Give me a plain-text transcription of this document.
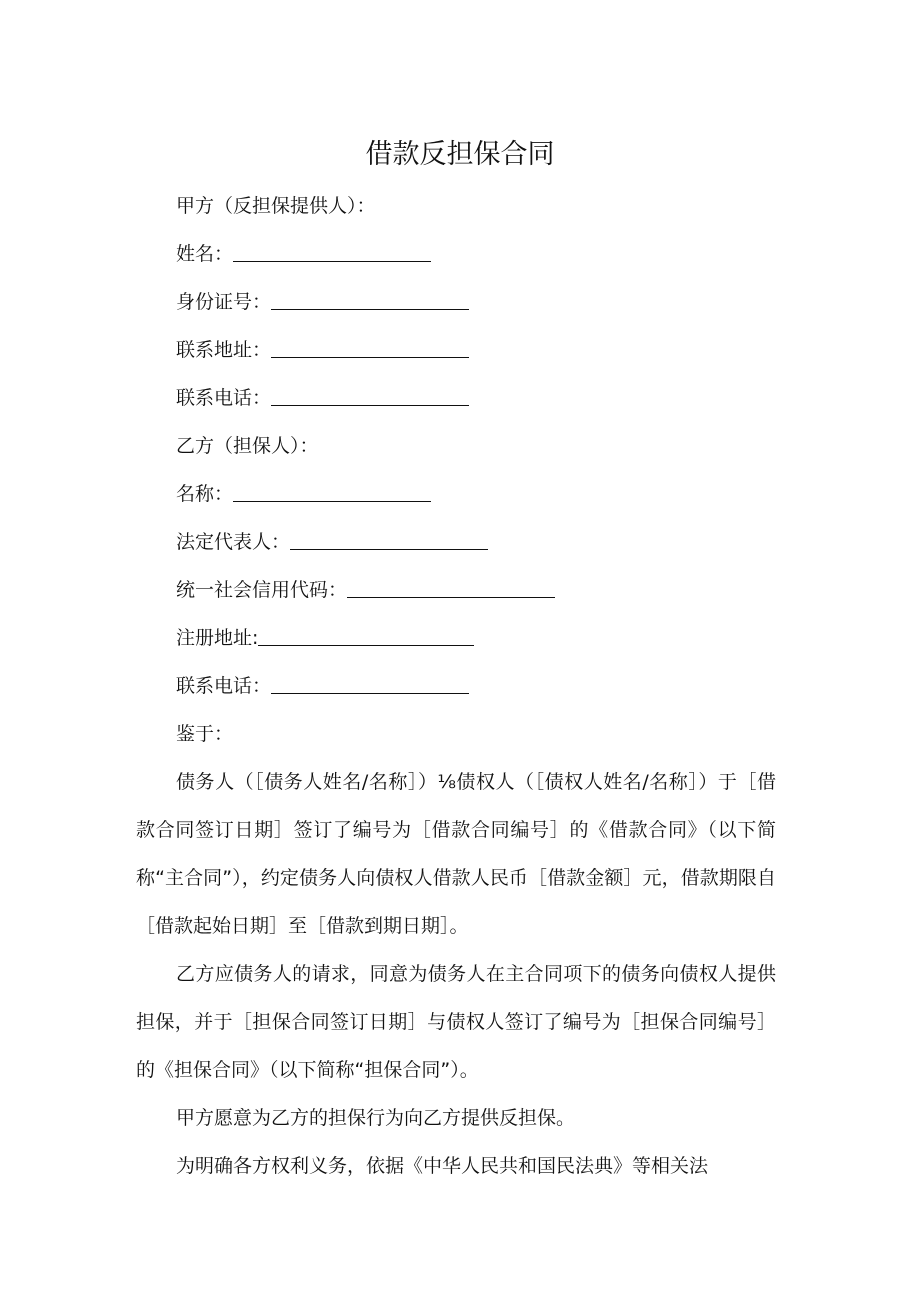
借款反担保合同
甲方（反担保提供人）：
姓名：
身份证号：
联系地址：
联系电话：
乙方（担保人）：
名称：
法定代表人：
统一社会信用代码：
注册地址:
联系电话：
鉴于：

债务人（［债务人姓名/名称］）⅛债权人（［债权人姓名/名称］）于［借款合同签订日期］签订了编号为［借款合同编号］的《借款合同》（以下简称“主合同”），约定债务人向债权人借款人民币［借款金额］元，借款期限自［借款起始日期］至［借款到期日期］。

乙方应债务人的请求，同意为债务人在主合同项下的债务向债权人提供担保，并于［担保合同签订日期］与债权人签订了编号为［担保合同编号］的《担保合同》（以下简称“担保合同”）。

甲方愿意为乙方的担保行为向乙方提供反担保。

为明确各方权利义务，依据《中华人民共和国民法典》等相关法
